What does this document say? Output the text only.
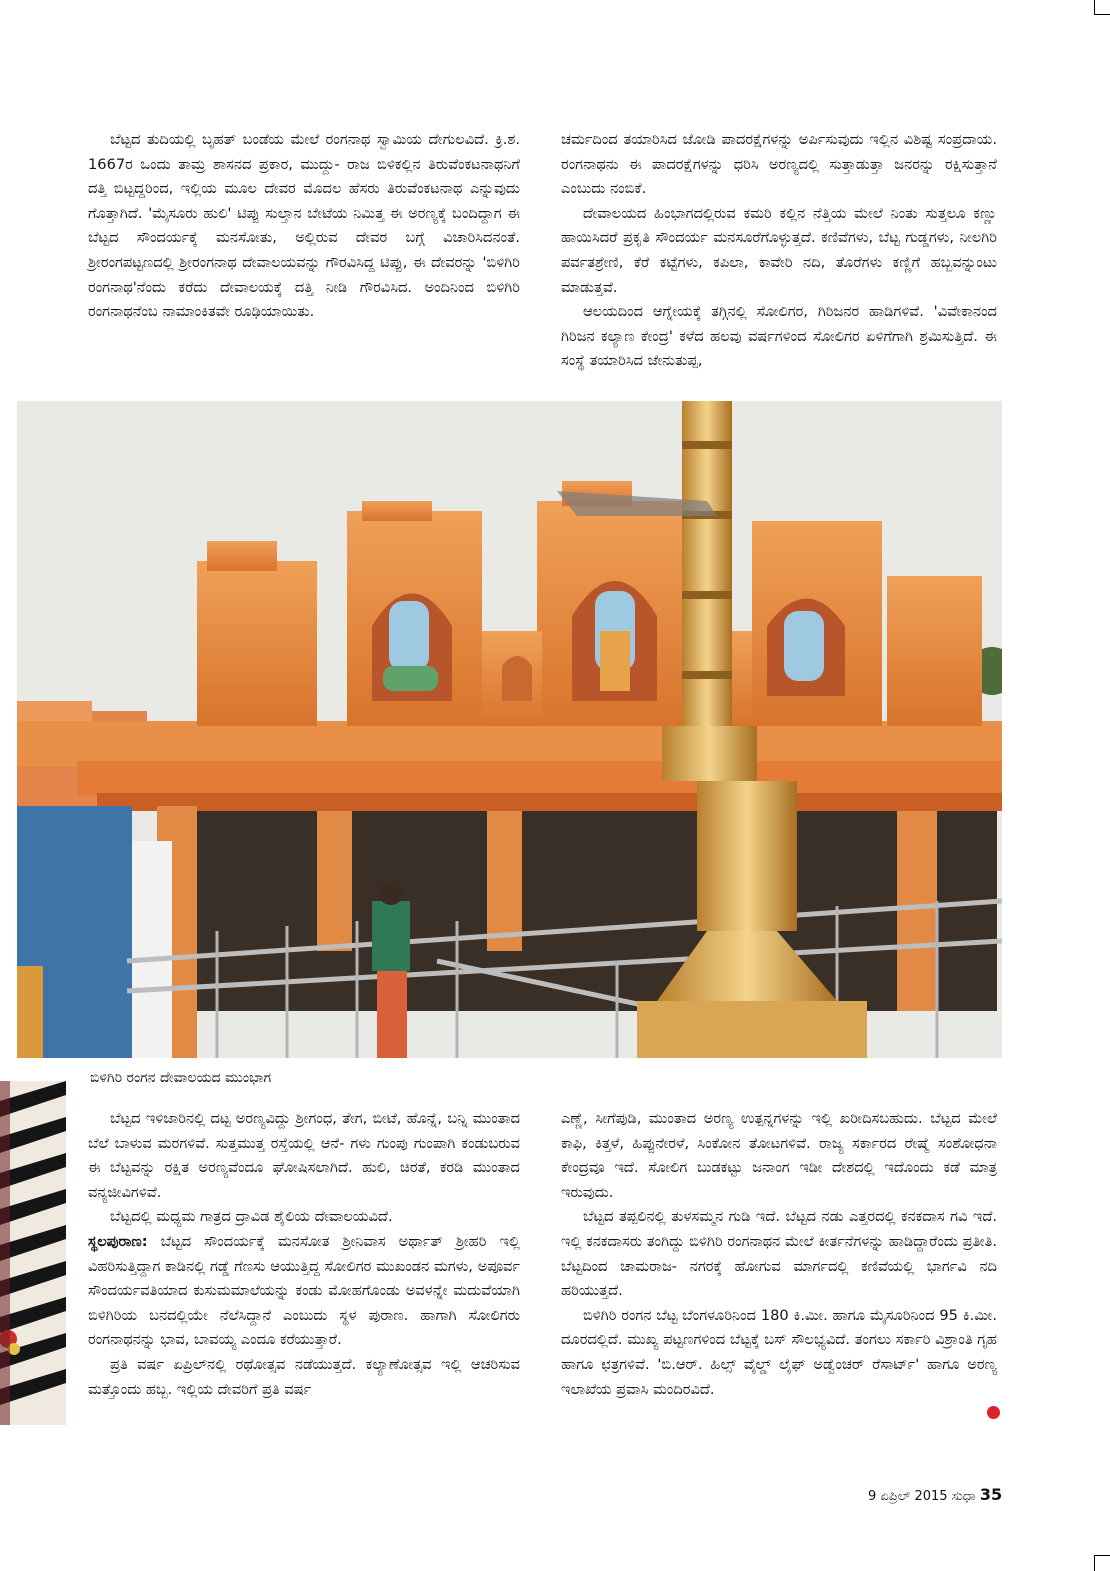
ಬೆಟ್ಟದ ತುದಿಯಲ್ಲಿ ಬೃಹತ್ ಬಂಡೆಯ ಮೇಲೆ ರಂಗನಾಥ ಸ್ವಾಮಿಯ ದೇಗುಲವಿದೆ. ಕ್ರಿ.ಶ. 1667ರ ಒಂದು ತಾಮ್ರ ಶಾಸನದ ಪ್ರಕಾರ, ಮುದ್ದು- ರಾಜ ಬಿಳಿಕಲ್ಲಿನ ತಿರುವೆಂಕಟನಾಥನಿಗೆ ದತ್ತಿ ಬಿಟ್ಟದ್ದರಿಂದ, ಇಲ್ಲಿಯ ಮೂಲ ದೇವರ ಮೊದಲ ಹೆಸರು ತಿರುವೆಂಕಟನಾಥ ಎನ್ನುವುದು ಗೊತ್ತಾಗಿದೆ. 'ಮೈಸೂರು ಹುಲಿ' ಟಿಪ್ಪು ಸುಲ್ತಾನ ಬೇಟೆಯ ನಿಮಿತ್ತ ಈ ಅರಣ್ಯಕ್ಕೆ ಬಂದಿದ್ದಾಗ ಈ ಬೆಟ್ಟದ ಸೌಂದರ್ಯಕ್ಕೆ ಮನಸೋತು, ಅಲ್ಲಿರುವ ದೇವರ ಬಗ್ಗೆ ವಿಚಾರಿಸಿದನಂತೆ. ಶ್ರೀರಂಗಪಟ್ಟಣದಲ್ಲಿ ಶ್ರೀರಂಗನಾಥ ದೇವಾಲಯವನ್ನು ಗೌರವಿಸಿದ್ದ ಟಿಪ್ಪು, ಈ ದೇವರನ್ನು 'ಬಿಳಿಗಿರಿ ರಂಗನಾಥ'ನೆಂದು ಕರೆದು ದೇವಾಲಯಕ್ಕೆ ದತ್ತಿ ನೀಡಿ ಗೌರವಿಸಿದ. ಅಂದಿನಿಂದ ಬಿಳಿಗಿರಿ ರಂಗನಾಥನೆಂಬ ನಾಮಾಂಕಿತವೇ ರೂಢಿಯಾಯಿತು.

ಚರ್ಮದಿಂದ ತಯಾರಿಸಿದ ಜೋಡಿ ಪಾದರಕ್ಷೆಗಳನ್ನು ಅರ್ಪಿಸುವುದು ಇಲ್ಲಿನ ವಿಶಿಷ್ಟ ಸಂಪ್ರದಾಯ. ರಂಗನಾಥನು ಈ ಪಾದರಕ್ಷೆಗಳನ್ನು ಧರಿಸಿ ಅರಣ್ಯದಲ್ಲಿ ಸುತ್ತಾಡುತ್ತಾ ಜನರನ್ನು ರಕ್ಷಿಸುತ್ತಾನೆ ಎಂಬುದು ನಂಬಿಕೆ.

ದೇವಾಲಯದ ಹಿಂಭಾಗದಲ್ಲಿರುವ ಕಮರಿ ಕಲ್ಲಿನ ನೆತ್ತಿಯ ಮೇಲೆ ನಿಂತು ಸುತ್ತಲೂ ಕಣ್ಣು ಹಾಯಿಸಿದರೆ ಪ್ರಕೃತಿ ಸೌಂದರ್ಯ ಮನಸೂರೆಗೊಳ್ಳುತ್ತದೆ. ಕಣಿವೆಗಳು, ಬೆಟ್ಟ ಗುಡ್ಡಗಳು, ನೀಲಗಿರಿ ಪರ್ವತಶ್ರೇಣಿ, ಕೆರೆ ಕಟ್ಟೆಗಳು, ಕಪಿಲಾ, ಕಾವೇರಿ ನದಿ, ತೊರೆಗಳು ಕಣ್ಣಿಗೆ ಹಬ್ಬವನ್ನುಂಟು ಮಾಡುತ್ತವೆ.

ಆಲಯದಿಂದ ಆಗ್ನೇಯಕ್ಕೆ ತಗ್ಗಿನಲ್ಲಿ ಸೋಲಿಗರ, ಗಿರಿಜನರ ಹಾಡಿಗಳಿವೆ. 'ವಿವೇಕಾನಂದ ಗಿರಿಜನ ಕಲ್ಯಾಣ ಕೇಂದ್ರ' ಕಳೆದ ಹಲವು ವರ್ಷಗಳಿಂದ ಸೋಲಿಗರ ಏಳಿಗೆಗಾಗಿ ಶ್ರಮಿಸುತ್ತಿದೆ. ಈ ಸಂಸ್ಥೆ ತಯಾರಿಸಿದ ಜೇನುತುಪ್ಪ,

ಬಿಳಿಗಿರಿ ರಂಗನ ದೇವಾಲಯದ ಮುಂಭಾಗ

ಬೆಟ್ಟದ ಇಳಿಜಾರಿನಲ್ಲಿ ದಟ್ಟ ಅರಣ್ಯವಿದ್ದು ಶ್ರೀಗಂಧ, ತೇಗ, ಬೀಟೆ, ಹೊನ್ನೆ, ಬನ್ನಿ ಮುಂತಾದ ಬೆಲೆ ಬಾಳುವ ಮರಗಳಿವೆ. ಸುತ್ತಮುತ್ತ ರಸ್ತೆಯಲ್ಲಿ ಆನೆ- ಗಳು ಗುಂಪು ಗುಂಪಾಗಿ ಕಂಡುಬರುವ ಈ ಬೆಟ್ಟವನ್ನು ರಕ್ಷಿತ ಅರಣ್ಯವೆಂದೂ ಘೋಷಿಸಲಾಗಿದೆ. ಹುಲಿ, ಚಿರತೆ, ಕರಡಿ ಮುಂತಾದ ವನ್ಯಜೀವಿಗಳಿವೆ.

ಬೆಟ್ಟದಲ್ಲಿ ಮಧ್ಯಮ ಗಾತ್ರದ ದ್ರಾವಿಡ ಶೈಲಿಯ ದೇವಾಲಯವಿದೆ.

ಸ್ಥಲಪುರಾಣ: ಬೆಟ್ಟದ ಸೌಂದರ್ಯಕ್ಕೆ ಮನಸೋತ ಶ್ರೀನಿವಾಸ ಅರ್ಥಾತ್ ಶ್ರೀಹರಿ ಇಲ್ಲಿ ವಿಹರಿಸುತ್ತಿದ್ದಾಗ ಕಾಡಿನಲ್ಲಿ ಗಡ್ಡೆ ಗೆಣಸು ಆಯುತ್ತಿದ್ದ ಸೋಲಿಗರ ಮುಖಂಡನ ಮಗಳು, ಅಪೂರ್ವ ಸೌಂದರ್ಯವತಿಯಾದ ಕುಸುಮಮಾಲೆಯನ್ನು ಕಂಡು ಮೋಹಗೊಂಡು ಅವಳನ್ನೇ ಮದುವೆಯಾಗಿ ಬಿಳಿಗಿರಿಯ ಬನದಲ್ಲಿಯೇ ನೆಲೆಸಿದ್ದಾನೆ ಎಂಬುದು ಸ್ಥಳ ಪುರಾಣ. ಹಾಗಾಗಿ ಸೋಲಿಗರು ರಂಗನಾಥನನ್ನು ಭಾವ, ಬಾವಯ್ಯ ಎಂದೂ ಕರೆಯುತ್ತಾರೆ.

ಪ್ರತಿ ವರ್ಷ ಏಪ್ರಿಲ್‌ನಲ್ಲಿ ರಥೋತ್ಸವ ನಡೆಯುತ್ತದೆ. ಕಲ್ಯಾಣೋತ್ಸವ ಇಲ್ಲಿ ಆಚರಿಸುವ ಮತ್ತೊಂದು ಹಬ್ಬ. ಇಲ್ಲಿಯ ದೇವರಿಗೆ ಪ್ರತಿ ವರ್ಷ

ಎಣ್ಣೆ, ಸೀಗೆಪುಡಿ, ಮುಂತಾದ ಅರಣ್ಯ ಉತ್ಪನ್ನಗಳನ್ನು ಇಲ್ಲಿ ಖರೀದಿಸಬಹುದು. ಬೆಟ್ಟದ ಮೇಲೆ ಕಾಫಿ, ಕಿತ್ತಳೆ, ಹಿಪ್ಪುನೇರಳೆ, ಸಿಂಕೋನ ತೋಟಗಳಿವೆ. ರಾಜ್ಯ ಸರ್ಕಾರದ ರೇಷ್ಮೆ ಸಂಶೋಧನಾ ಕೇಂದ್ರವೂ ಇದೆ. ಸೋಲಿಗ ಬುಡಕಟ್ಟು ಜನಾಂಗ ಇಡೀ ದೇಶದಲ್ಲಿ ಇದೊಂದು ಕಡೆ ಮಾತ್ರ ಇರುವುದು.

ಬೆಟ್ಟದ ತಪ್ಪಲಿನಲ್ಲಿ ತುಳಸಮ್ಮನ ಗುಡಿ ಇದೆ. ಬೆಟ್ಟದ ನಡು ಎತ್ತರದಲ್ಲಿ ಕನಕದಾಸ ಗವಿ ಇದೆ. ಇಲ್ಲಿ ಕನಕದಾಸರು ತಂಗಿದ್ದು ಬಿಳಿಗಿರಿ ರಂಗನಾಥನ ಮೇಲೆ ಕೀರ್ತನೆಗಳನ್ನು ಹಾಡಿದ್ದಾರೆಂದು ಪ್ರತೀತಿ. ಬೆಟ್ಟದಿಂದ ಚಾಮರಾಜ- ನಗರಕ್ಕೆ ಹೋಗುವ ಮಾರ್ಗದಲ್ಲಿ ಕಣಿವೆಯಲ್ಲಿ ಭಾರ್ಗವಿ ನದಿ ಹರಿಯುತ್ತದೆ.

ಬಿಳಿಗಿರಿ ರಂಗನ ಬೆಟ್ಟ ಬೆಂಗಳೂರಿನಿಂದ 180 ಕಿ.ಮೀ. ಹಾಗೂ ಮೈಸೂರಿನಿಂದ 95 ಕಿ.ಮೀ. ದೂರದಲ್ಲಿದೆ. ಮುಖ್ಯ ಪಟ್ಟಣಗಳಿಂದ ಬೆಟ್ಟಕ್ಕೆ ಬಸ್ ಸೌಲಭ್ಯವಿದೆ. ತಂಗಲು ಸರ್ಕಾರಿ ವಿಶ್ರಾಂತಿ ಗೃಹ ಹಾಗೂ ಛತ್ರಗಳಿವೆ. 'ಬಿ.ಆರ್. ಹಿಲ್ಸ್ ವೈಲ್ಡ್ ಲೈಫ್ ಅಡ್ವೆಂಚರ್ ರೆಸಾರ್ಟ್' ಹಾಗೂ ಅರಣ್ಯ ಇಲಾಖೆಯ ಪ್ರವಾಸಿ ಮಂದಿರವಿದೆ.

9 ಏಪ್ರಿಲ್ 2015 ಸುಧಾ 35
